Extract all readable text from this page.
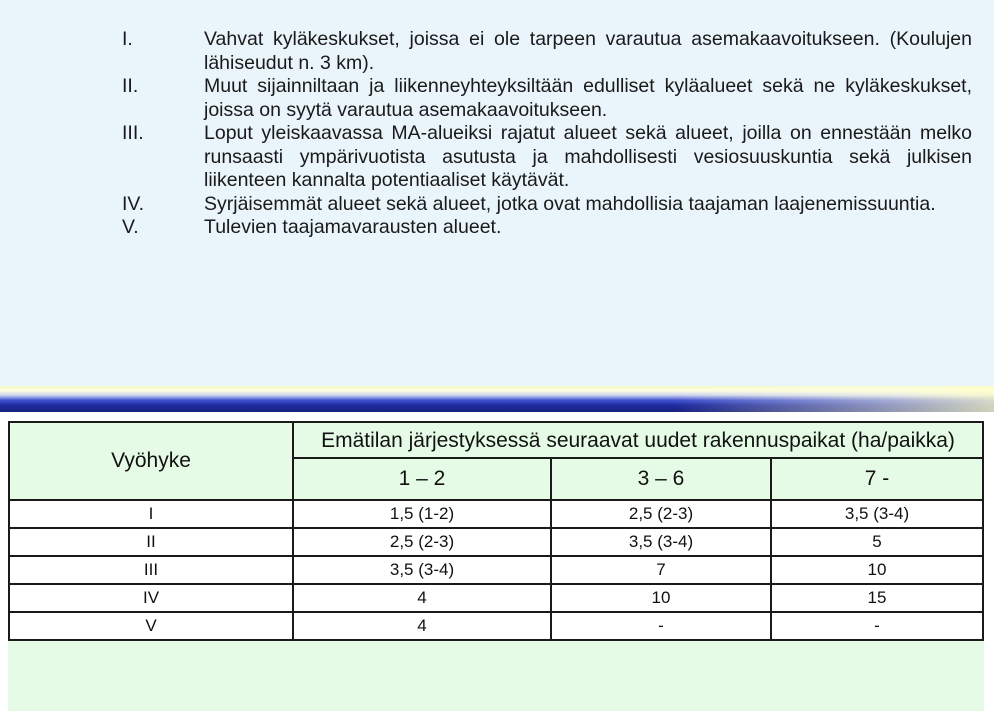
I.	Vahvat kyläkeskukset, joissa ei ole tarpeen varautua asemakaavoitukseen. (Koulujen lähiseudut n. 3 km).
II.	Muut sijainniltaan ja liikenneyhteyksiltään edulliset kyläalueet sekä ne kyläkeskukset, joissa on syytä varautua asemakaavoitukseen.
III.	Loput yleiskaavassa MA-alueiksi rajatut alueet sekä alueet, joilla on ennestään melko runsaasti ympärivuotista asutusta ja mahdollisesti vesiosuuskuntia sekä julkisen liikenteen kannalta potentiaaliset käytävät.
IV.	Syrjäisemmät alueet sekä alueet, jotka ovat mahdollisia taajaman laajenemissuuntia.
V.	Tulevien taajamavarausten alueet.
Vyöhyke	Emätilan järjestyksessä seuraavat uudet rakennuspaikat (ha/paikka)		
	1 – 2	3 – 6	7 -
I	1,5 (1-2)	2,5 (2-3)	3,5 (3-4)
II	2,5 (2-3)	3,5 (3-4)	5
III	3,5 (3-4)	7	10
IV	4	10	15
V	4	-	-
